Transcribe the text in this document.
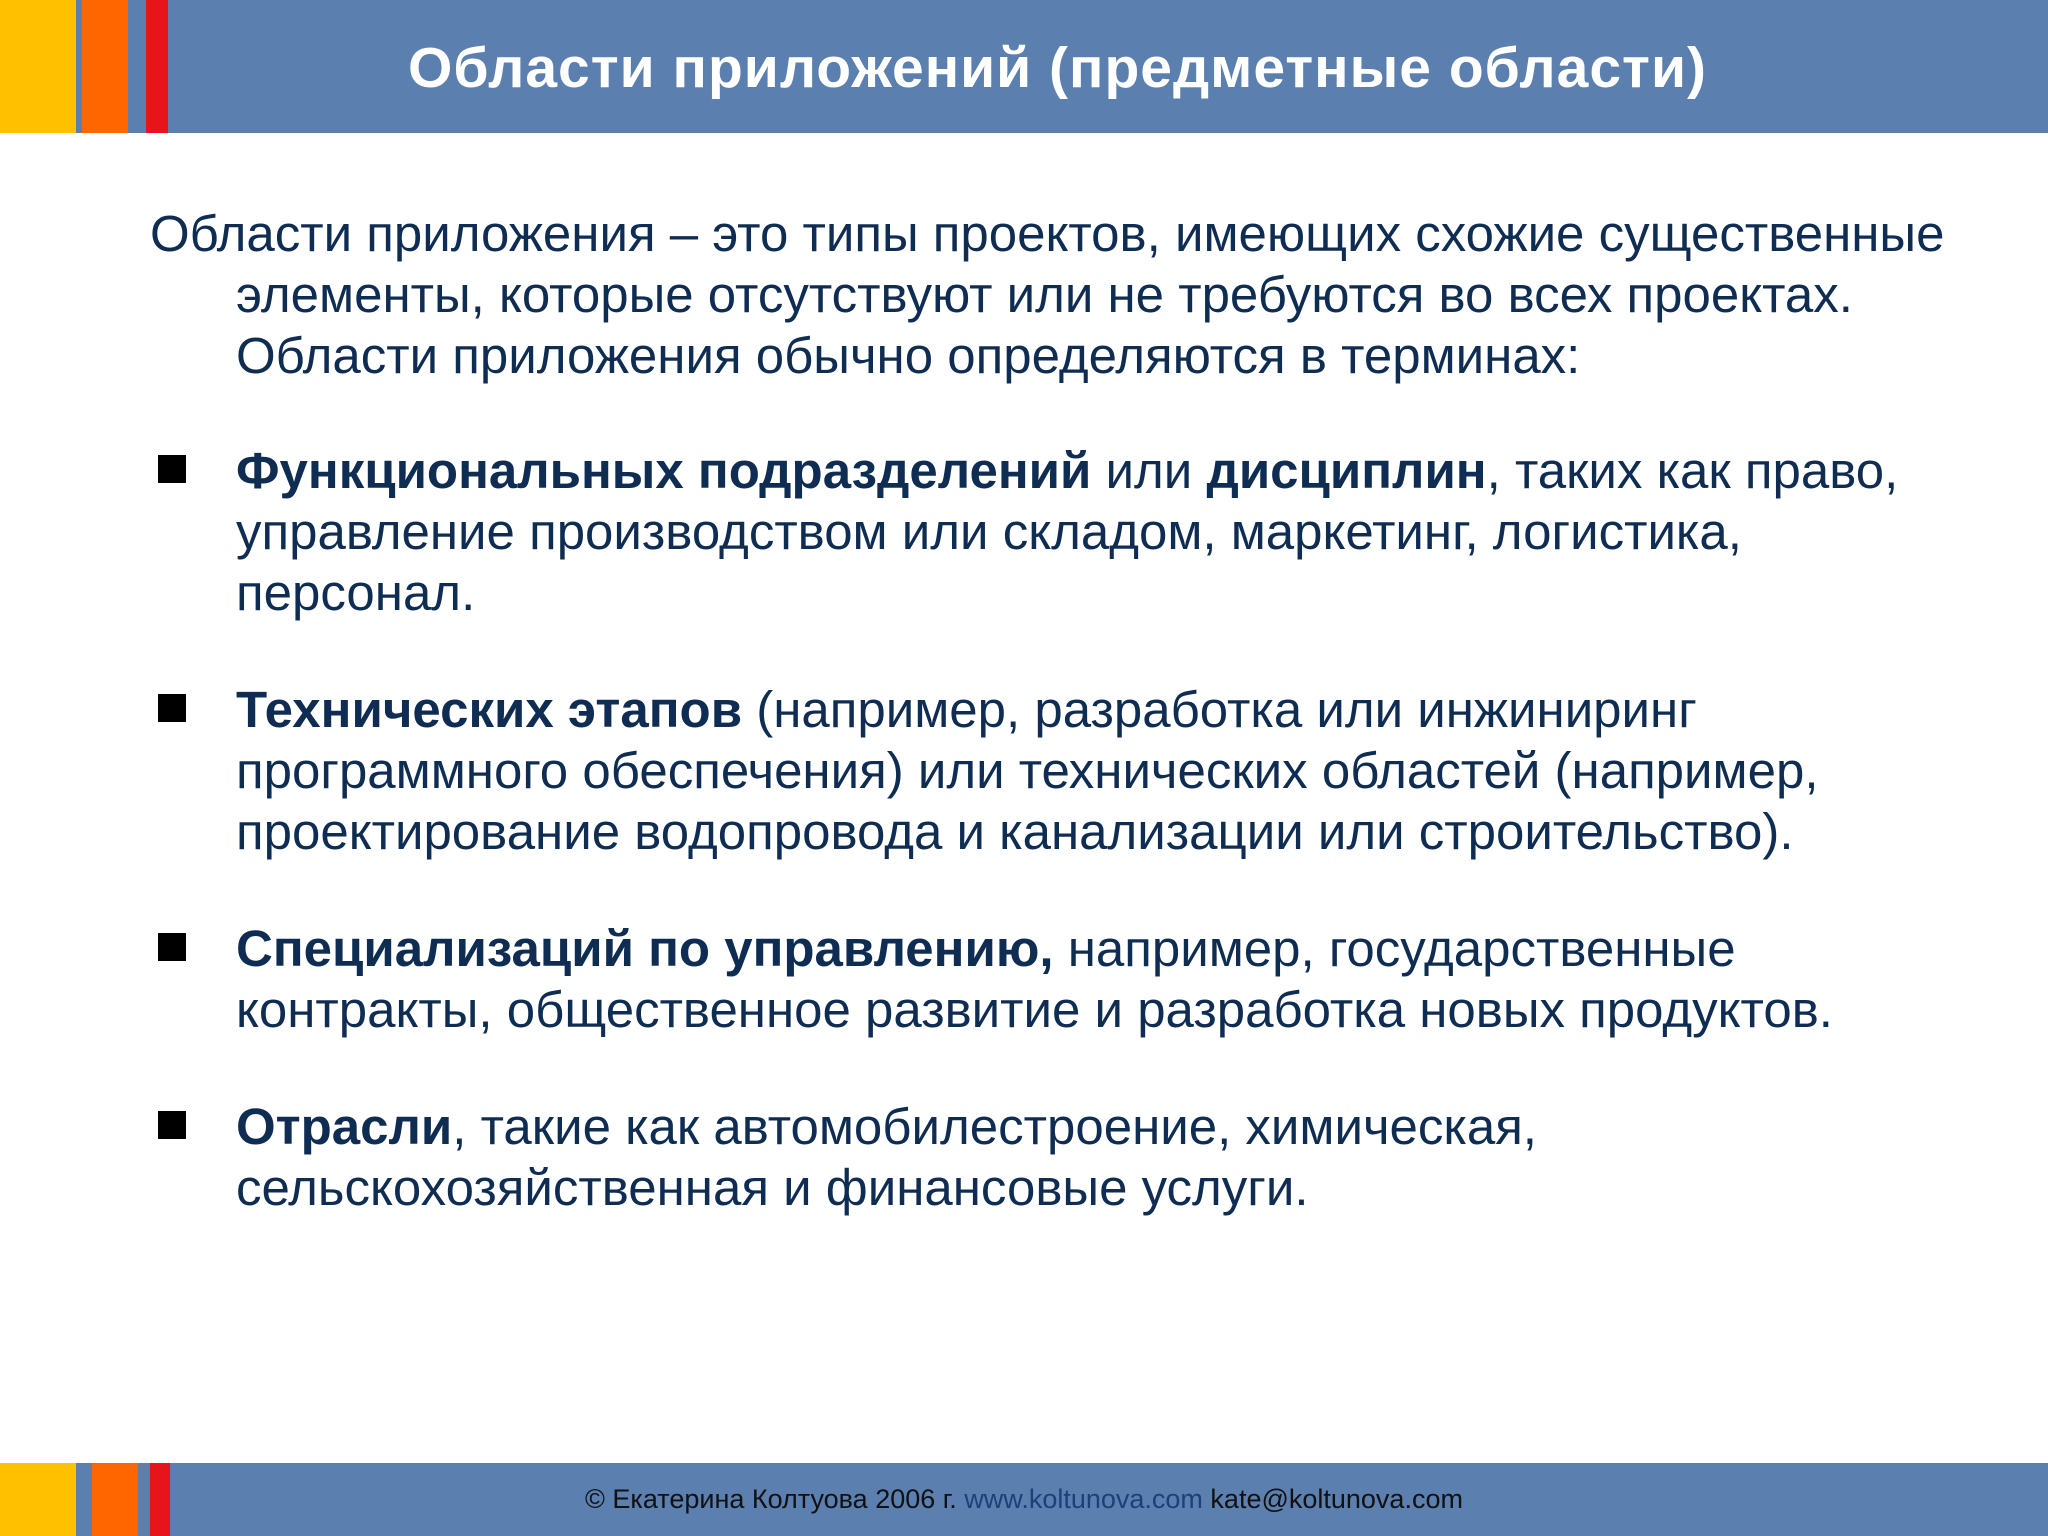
Области приложений (предметные области)

Области приложения – это типы проектов, имеющих схожие существенные элементы, которые отсутствуют или не требуются во всех проектах. Области приложения обычно определяются в терминах:

Функциональных подразделений или дисциплин, таких как право, управление производством или складом, маркетинг, логистика, персонал.
Технических этапов (например, разработка или инжиниринг программного обеспечения) или технических областей (например, проектирование водопровода и канализации или строительство).
Специализаций по управлению, например, государственные контракты, общественное развитие и разработка новых продуктов.
Отрасли, такие как автомобилестроение, химическая, сельскохозяйственная и финансовые услуги.
© Екатерина Колтуова 2006 г. www.koltunova.com kate@koltunova.com
